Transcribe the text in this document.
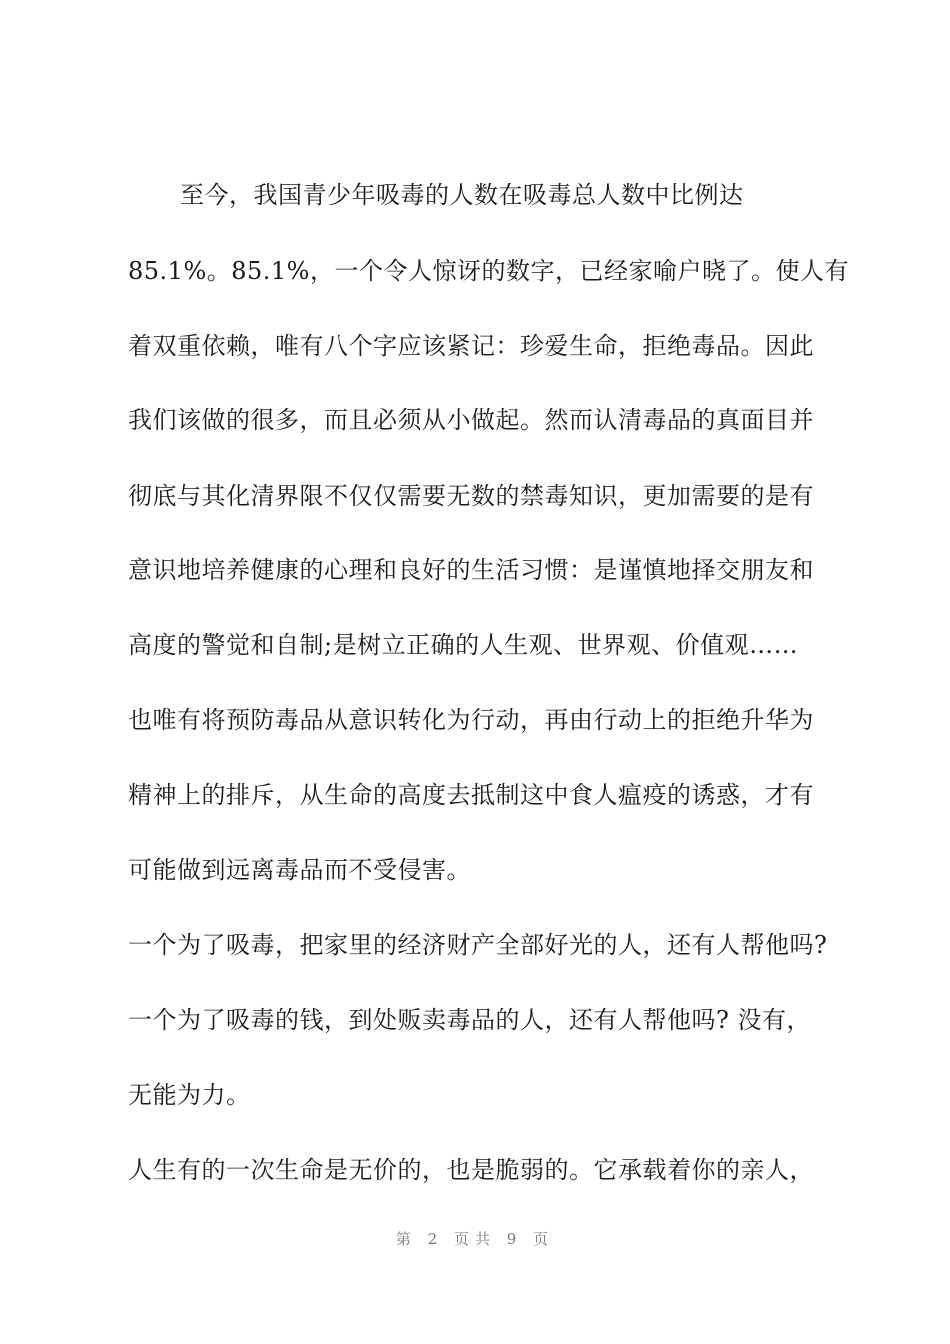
至今，我国青少年吸毒的人数在吸毒总人数中比例达
85.1%。85.1%，一个令人惊讶的数字，已经家喻户晓了。使人有
着双重依赖，唯有八个字应该紧记：珍爱生命，拒绝毒品。因此
我们该做的很多，而且必须从小做起。然而认清毒品的真面目并
彻底与其化清界限不仅仅需要无数的禁毒知识，更加需要的是有
意识地培养健康的心理和良好的生活习惯：是谨慎地择交朋友和
高度的警觉和自制;是树立正确的人生观、世界观、价值观……
也唯有将预防毒品从意识转化为行动，再由行动上的拒绝升华为
精神上的排斥，从生命的高度去抵制这中食人瘟疫的诱惑，才有
可能做到远离毒品而不受侵害。
一个为了吸毒，把家里的经济财产全部好光的人，还有人帮他吗?
一个为了吸毒的钱，到处贩卖毒品的人，还有人帮他吗? 没有，
无能为力。
人生有的一次生命是无价的，也是脆弱的。它承载着你的亲人，
第 2 页共 9 页
